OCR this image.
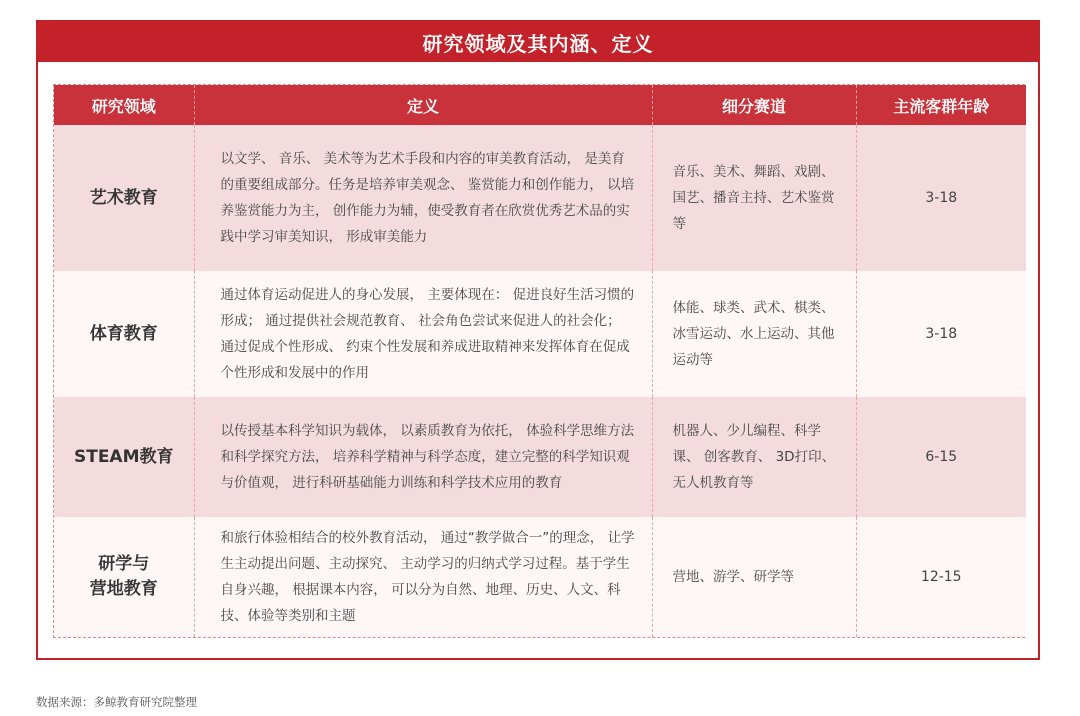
研究领域及其内涵、定义
研究领域	定义	细分赛道	主流客群年龄
艺术教育	以文学、 音乐、 美术等为艺术手段和内容的审美教育活动， 是美育的重要组成部分。任务是培养审美观念、 鉴赏能力和创作能力， 以培养鉴赏能力为主， 创作能力为辅，使受教育者在欣赏优秀艺术品的实践中学习审美知识， 形成审美能力	音乐、美术、舞蹈、戏剧、国艺、播音主持、艺术鉴赏等	3-18
体育教育	通过体育运动促进人的身心发展， 主要体现在： 促进良好生活习惯的形成； 通过提供社会规范教育、 社会角色尝试来促进人的社会化； 通过促成个性形成、 约束个性发展和养成进取精神来发挥体育在促成个性形成和发展中的作用	体能、球类、武术、棋类、冰雪运动、水上运动、其他运动等	3-18
STEAM教育	以传授基本科学知识为载体， 以素质教育为依托， 体验科学思维方法和科学探究方法， 培养科学精神与科学态度，建立完整的科学知识观与价值观， 进行科研基础能力训练和科学技术应用的教育	机器人、少儿编程、科学课、 创客教育、 3D打印、无人机教育等	6-15

研学与
营地教育	和旅行体验相结合的校外教育活动， 通过“教学做合一”的理念， 让学生主动提出问题、主动探究、 主动学习的归纳式学习过程。基于学生自身兴趣， 根据课本内容， 可以分为自然、地理、历史、人文、科技、体验等类别和主题	营地、游学、研学等	12-15
数据来源：多鲸教育研究院整理
